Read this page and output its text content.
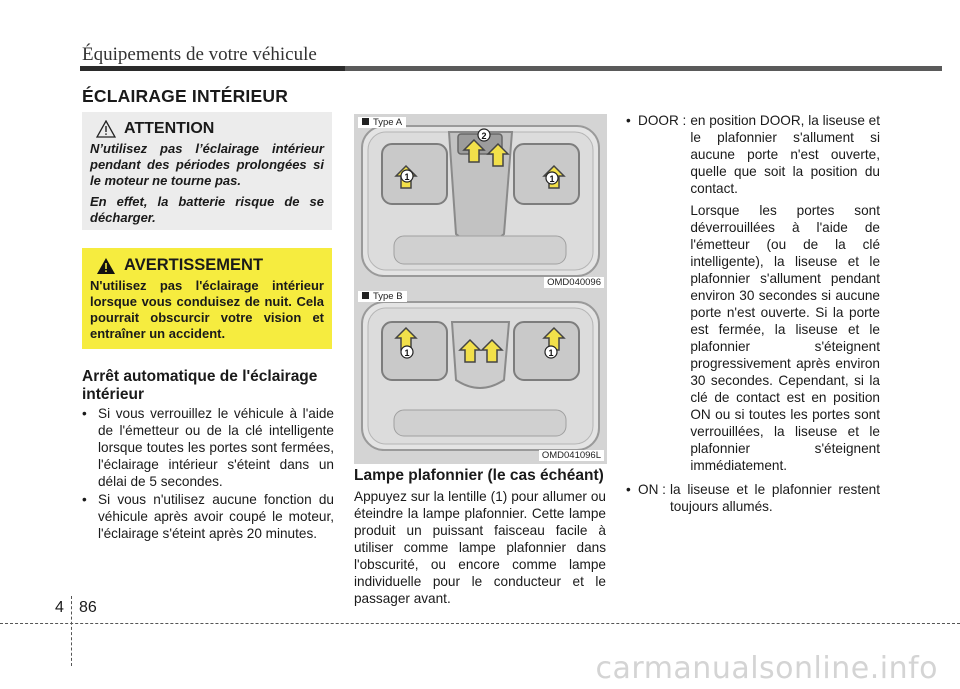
Équipements de votre véhicule
ÉCLAIRAGE INTÉRIEUR
ATTENTION

N’utilisez pas l’éclairage intérieur pendant des périodes prolongées si le moteur ne tourne pas.

En effet, la batterie risque de se décharger.

AVERTISSEMENT
N'utilisez pas l'éclairage intérieur lorsque vous conduisez de nuit. Cela pourrait obscurcir votre vision et entraîner un accident.
Arrêt automatique de l'éclairage intérieur
• Si vous verrouillez le véhicule à l'aide de l'émetteur ou de la clé intelligente lorsque toutes les portes sont fermées, l'éclairage intérieur s'éteint dans un délai de 5 secondes.
• Si vous n'utilisez aucune fonction du véhicule après avoir coupé le moteur, l'éclairage s'éteint après 20 minutes.
1
2
1
Type A
OMD040096
1	1
Type B
OMD041096L
Lampe plafonnier (le cas échéant)

Appuyez sur la lentille (1) pour allumer ou éteindre la lampe plafonnier. Cette lampe produit un puissant faisceau facile à utiliser comme lampe plafonnier dans l'obscurité, ou encore comme lampe individuelle pour le conducteur et le passager avant.

• DOOR : en position DOOR, la liseuse et le plafonnier s'allument si aucune porte n'est ouverte, quelle que soit la position du contact.

Lorsque les portes sont déverrouillées à l'aide de l'émetteur (ou de la clé intelligente), la liseuse et le plafonnier s'allument pendant environ 30 secondes si aucune porte n'est ouverte. Si la porte est fermée, la liseuse et le plafonnier s'éteignent progressivement après environ 30 secondes. Cependant, si la clé de contact est en position ON ou si toutes les portes sont verrouillées, la liseuse et le plafonnier s'éteignent immédiatement.

• ON : la liseuse et le plafonnier restent toujours allumés.
4 86
carmanualsonline.info
